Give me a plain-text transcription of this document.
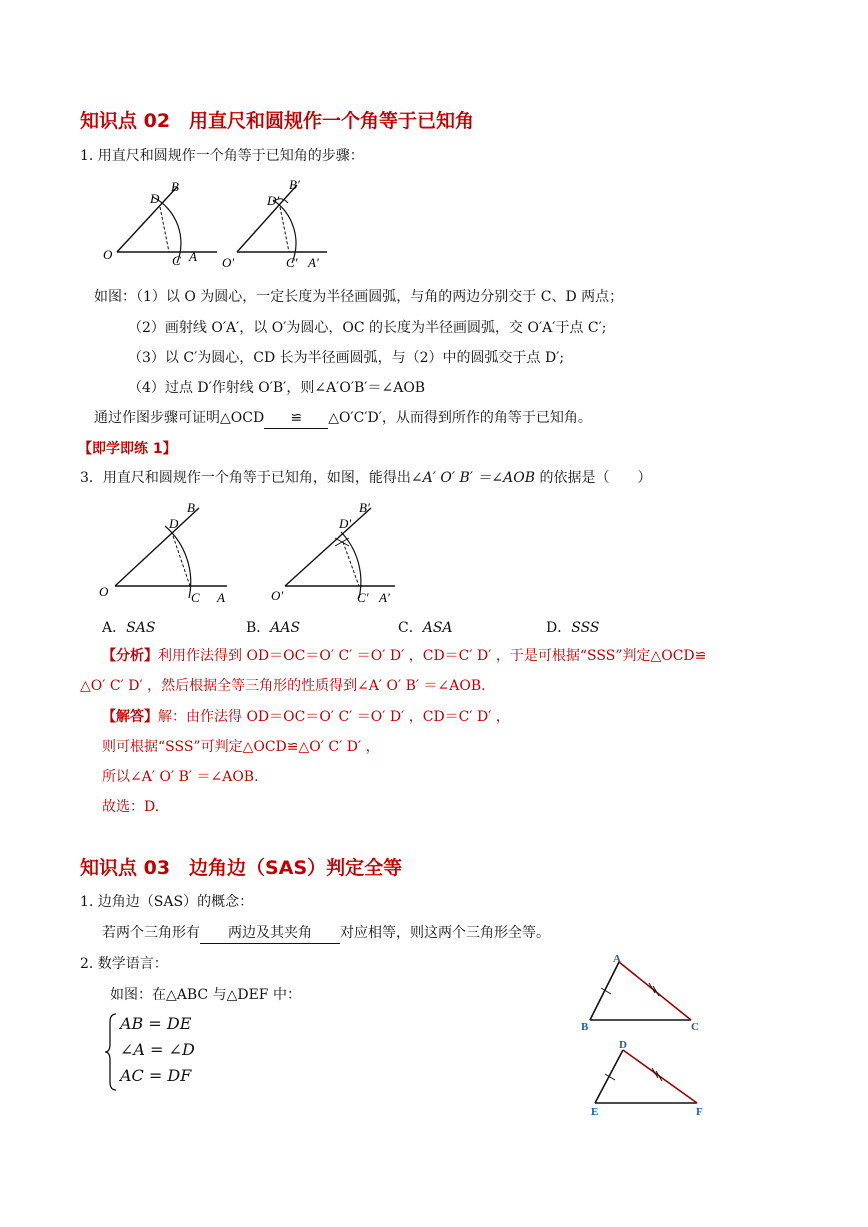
知识点 02　用直尺和圆规作一个角等于已知角
1. 用直尺和圆规作一个角等于已知角的步骤：
O	A
B
C
D
O′	A′
B′
C′
D′
如图：（1）以 O 为圆心，一定长度为半径画圆弧，与角的两边分别交于 C、D 两点；
（2）画射线 O′A′，以 O′为圆心，OC 的长度为半径画圆弧，交 O′A′于点 C′;
（3）以 C′为圆心，CD 长为半径画圆弧，与（2）中的圆弧交于点 D′;
（4）过点 D′作射线 O′B′，则∠A′O′B′＝∠AOB
通过作图步骤可证明△OCD ≌ △O′C′D′，从而得到所作的角等于已知角。
【即学即练 1】
3．用直尺和圆规作一个角等于已知角，如图，能得出∠A′ O′ B′ ＝∠AOB 的依据是（　　）
O	A
B
C
D
O′	A′
B′
C′
D′
A．SAS	B．AAS	C．ASA	D．SSS
【分析】利用作法得到 OD＝OC＝O′ C′ ＝O′ D′ ，CD＝C′ D′ ，于是可根据“SSS”判定△OCD≌
△O′ C′ D′ ，然后根据全等三角形的性质得到∠A′ O′ B′ ＝∠AOB.
【解答】解：由作法得 OD＝OC＝O′ C′ ＝O′ D′ ，CD＝C′ D′ ，
则可根据“SSS”可判定△OCD≌△O′ C′ D′ ，
所以∠A′ O′ B′ ＝∠AOB.
故选：D.
知识点 03　边角边（SAS）判定全等
1. 边角边（SAS）的概念：
若两个三角形有 两边及其夹角 对应相等，则这两个三角形全等。
2. 数学语言：
如图：在△ABC 与△DEF 中：
AB = DE
∠A = ∠D
AC = DF
A
B	C
D
E	F
